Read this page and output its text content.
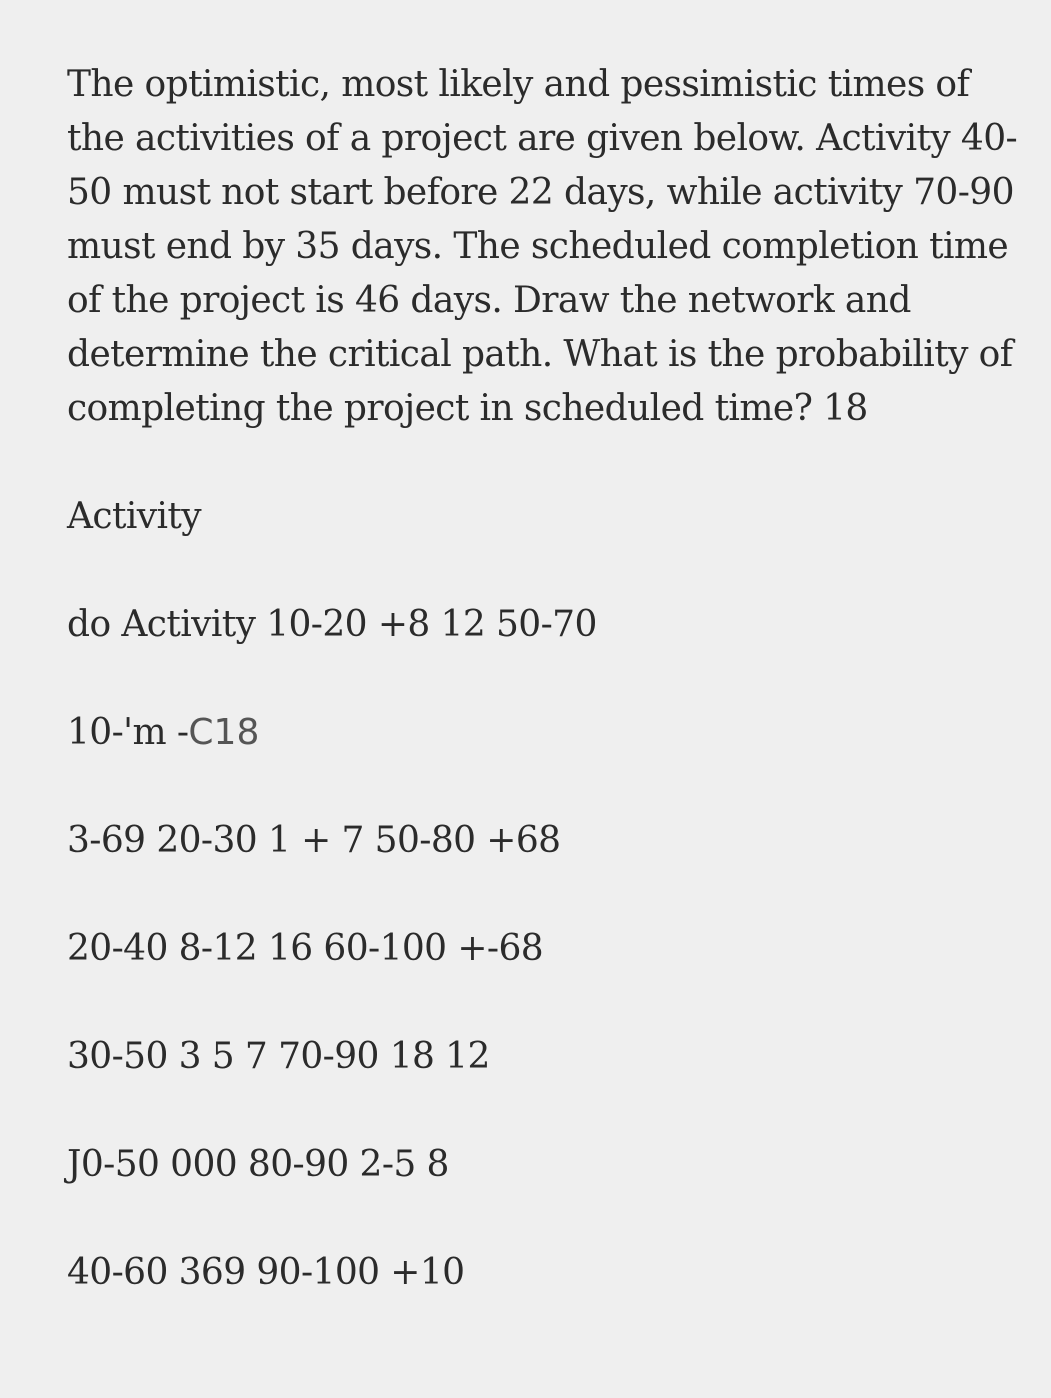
The optimistic, most likely and pessimistic times of the activities of a project are given below. Activity 40-50 must not start before 22 days, while activity 70-90 must end by 35 days. The scheduled completion time of the project is 46 days. Draw the network and determine the critical path. What is the probability of completing the project in scheduled time? 18

Activity

do Activity 10-20 +8 12 50-70

10-'m -C18

3-69 20-30 1 + 7 50-80 +68

20-40 8-12 16 60-100 +-68

30-50 3 5 7 70-90 18 12

J0-50 000 80-90 2-5 8

40-60 369 90-100 +10
